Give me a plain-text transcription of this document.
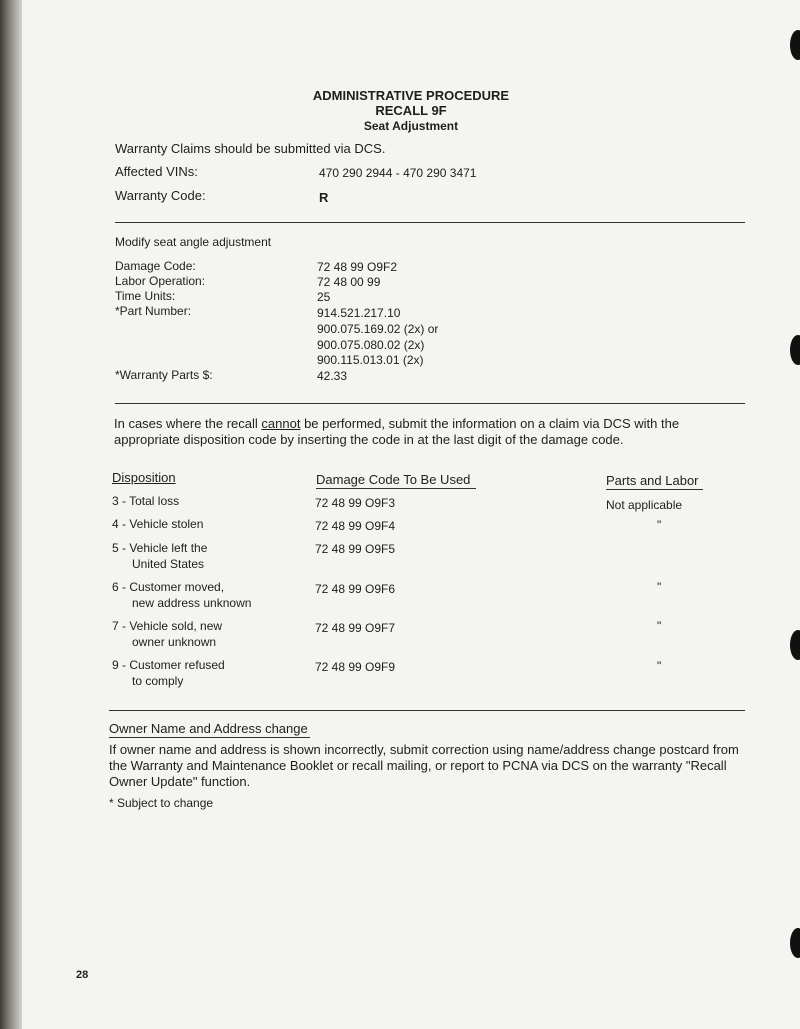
ADMINISTRATIVE PROCEDURE
RECALL 9F
Seat Adjustment
Warranty Claims should be submitted via DCS.
Affected VINs:	470 290 2944 - 470 290 3471
Warranty Code:	R
Modify seat angle adjustment
Damage Code:	72 48 99 O9F2
Labor Operation:	72 48 00 99
Time Units:	25
*Part Number:	914.521.217.10
900.075.169.02 (2x) or
900.075.080.02 (2x)
900.115.013.01 (2x)
*Warranty Parts $:	42.33
In cases where the recall cannot be performed, submit the information on a claim via DCS with the appropriate disposition code by inserting the code in at the last digit of the damage code.
Disposition	Damage Code To Be Used	Parts and Labor
3 - Total loss	72 48 99 O9F3	Not applicable
4 - Vehicle stolen	72 48 99 O9F4	"
5 - Vehicle left the
United States
72 48 99 O9F5
6 - Customer moved,
new address unknown
72 48 99 O9F6	"
7 - Vehicle sold, new
owner unknown
72 48 99 O9F7	"
9 - Customer refused
to comply
72 48 99 O9F9	"
Owner Name and Address change
If owner name and address is shown incorrectly, submit correction using name/address change postcard from the Warranty and Maintenance Booklet or recall mailing, or report to PCNA via DCS on the warranty "Recall Owner Update" function.
* Subject to change
28
